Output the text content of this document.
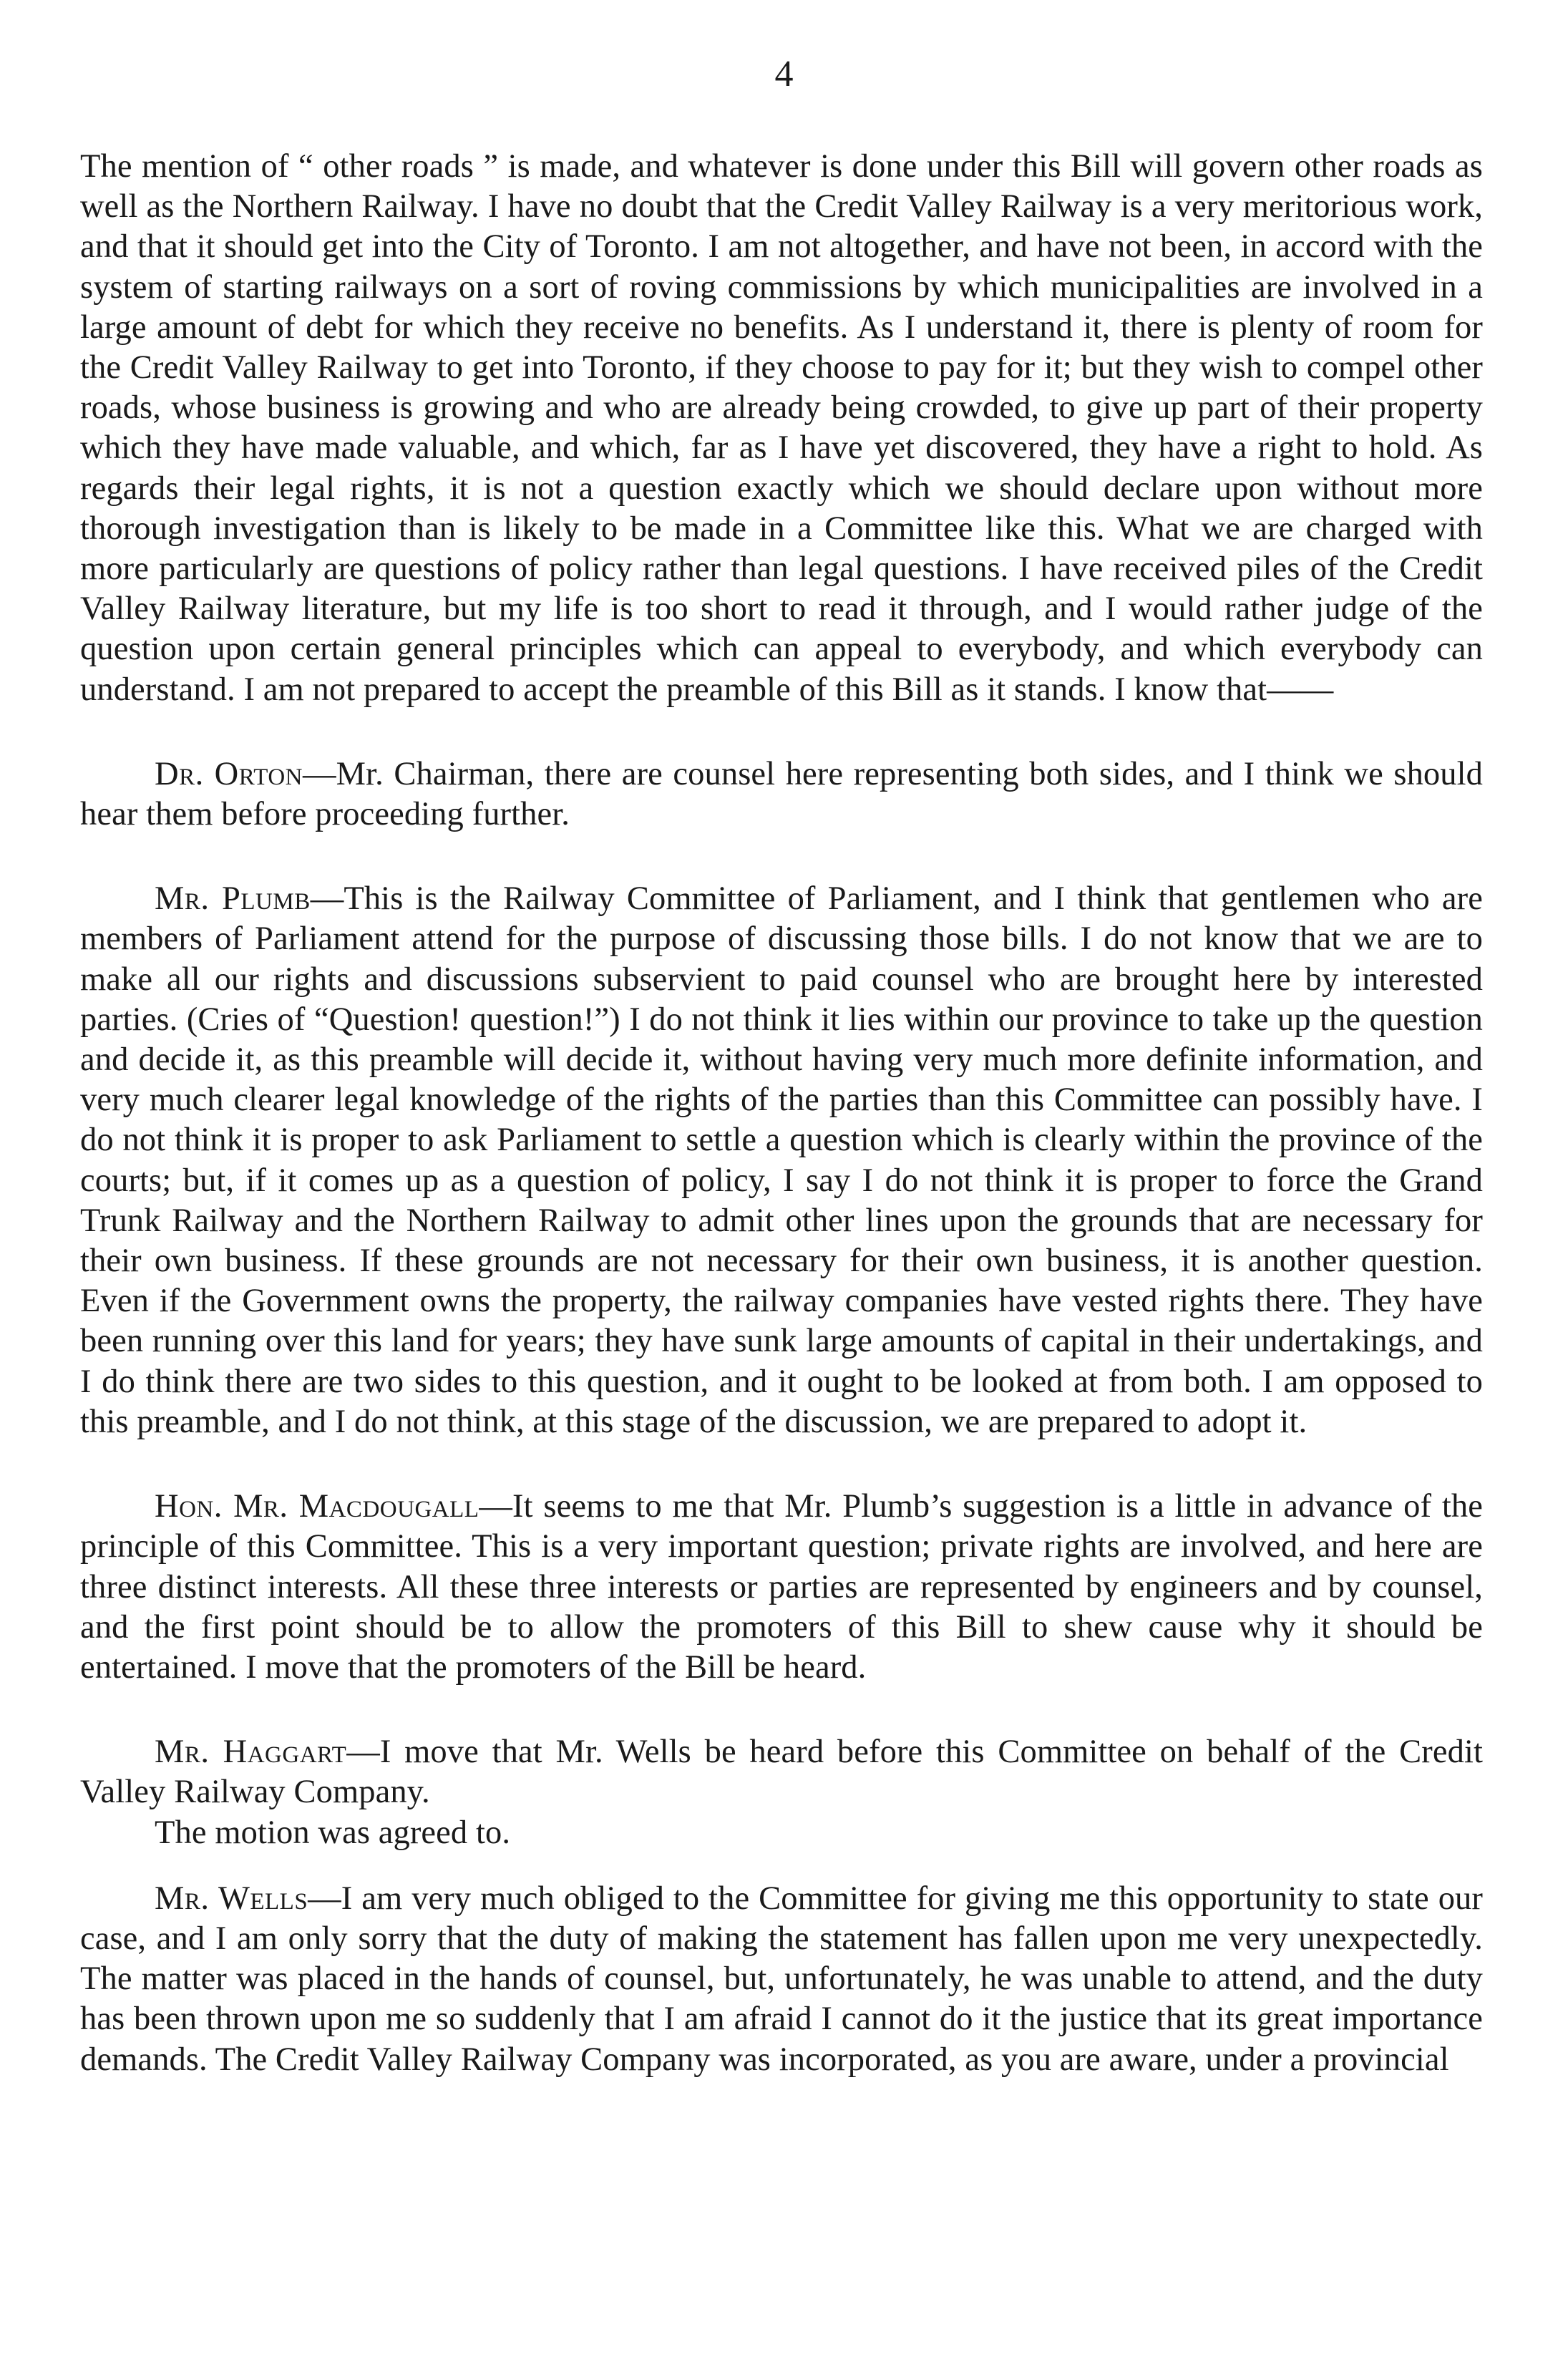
4

The mention of “ other roads ” is made, and whatever is done under this Bill will govern other roads as well as the Northern Railway. I have no doubt that the Credit Valley Railway is a very meritorious work, and that it should get into the City of Toronto. I am not altogether, and have not been, in accord with the system of starting railways on a sort of roving commissions by which municipalities are involved in a large amount of debt for which they receive no benefits. As I understand it, there is plenty of room for the Credit Valley Railway to get into Toronto, if they choose to pay for it; but they wish to compel other roads, whose business is growing and who are already being crowded, to give up part of their property which they have made valuable, and which, far as I have yet discovered, they have a right to hold. As regards their legal rights, it is not a question exactly which we should declare upon without more thorough investigation than is likely to be made in a Committee like this. What we are charged with more particularly are questions of policy rather than legal questions. I have received piles of the Credit Valley Railway literature, but my life is too short to read it through, and I would rather judge of the question upon certain general principles which can appeal to everybody, and which everybody can understand. I am not prepared to accept the preamble of this Bill as it stands. I know that——

Dr. Orton—Mr. Chairman, there are counsel here representing both sides, and I think we should hear them before proceeding further.

Mr. Plumb—This is the Railway Committee of Parliament, and I think that gentlemen who are members of Parliament attend for the purpose of discussing those bills. I do not know that we are to make all our rights and discussions subservient to paid counsel who are brought here by interested parties. (Cries of “Question! question!”) I do not think it lies within our province to take up the question and decide it, as this preamble will decide it, without having very much more definite information, and very much clearer legal knowledge of the rights of the parties than this Committee can possibly have. I do not think it is proper to ask Parliament to settle a question which is clearly within the province of the courts; but, if it comes up as a question of policy, I say I do not think it is proper to force the Grand Trunk Railway and the Northern Railway to admit other lines upon the grounds that are necessary for their own business. If these grounds are not necessary for their own business, it is another question. Even if the Government owns the property, the railway companies have vested rights there. They have been running over this land for years; they have sunk large amounts of capital in their undertakings, and I do think there are two sides to this question, and it ought to be looked at from both. I am opposed to this preamble, and I do not think, at this stage of the discussion, we are prepared to adopt it.

Hon. Mr. Macdougall—It seems to me that Mr. Plumb’s suggestion is a little in advance of the principle of this Committee. This is a very important question; private rights are involved, and here are three distinct interests. All these three interests or parties are represented by engineers and by counsel, and the first point should be to allow the promoters of this Bill to shew cause why it should be entertained. I move that the promoters of the Bill be heard.

Mr. Haggart—I move that Mr. Wells be heard before this Committee on behalf of the Credit Valley Railway Company.

The motion was agreed to.

Mr. Wells—I am very much obliged to the Committee for giving me this opportunity to state our case, and I am only sorry that the duty of making the statement has fallen upon me very unexpectedly. The matter was placed in the hands of counsel, but, unfortunately, he was unable to attend, and the duty has been thrown upon me so suddenly that I am afraid I cannot do it the justice that its great importance demands. The Credit Valley Railway Company was incorporated, as you are aware, under a provincial
